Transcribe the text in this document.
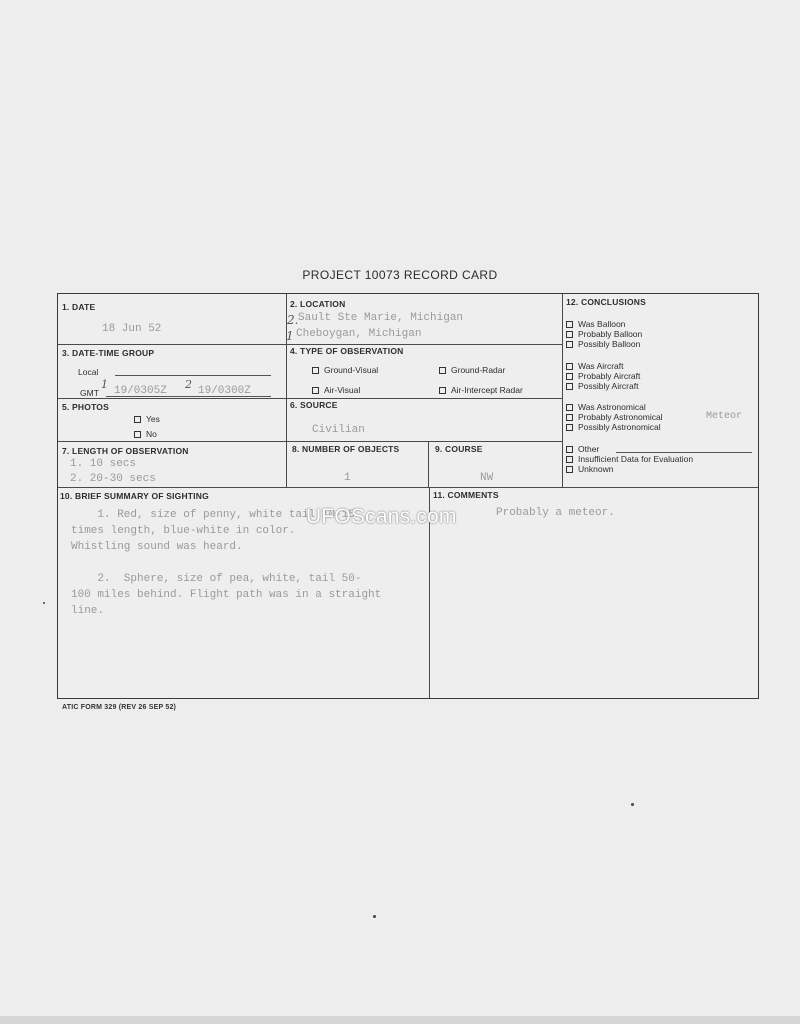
PROJECT 10073 RECORD CARD
1. DATE
18 Jun 52
2. LOCATION
2. Sault Ste Marie, Michigan
1 Cheboygan, Michigan
3. DATE-TIME GROUP
Local
GMT
1 19/0305Z 2 19/0300Z
4. TYPE OF OBSERVATION
Ground-Visual	Ground-Radar
Air-Visual	Air-Intercept Radar
5. PHOTOS
Yes
No
6. SOURCE
Civilian
7. LENGTH OF OBSERVATION
1. 10 secs
2. 20-30 secs
8. NUMBER OF OBJECTS
1
9. COURSE
NW
10. BRIEF SUMMARY OF SIGHTING
1. Red, size of penny, white tail 10-15
times length, blue-white in color.
Whistling sound was heard.

2.  Sphere, size of pea, white, tail 50-
100 miles behind. Flight path was in a straight
line.
11. COMMENTS
Probably a meteor.
12. CONCLUSIONS
Was Balloon
Probably Balloon
Possibly Balloon
Was Aircraft
Probably Aircraft
Possibly Aircraft
Was Astronomical
Probably Astronomical
Possibly Astronomical
Meteor
Other
Insufficient Data for Evaluation
Unknown
UFOScans.com
ATIC FORM 329 (REV 26 SEP 52)
